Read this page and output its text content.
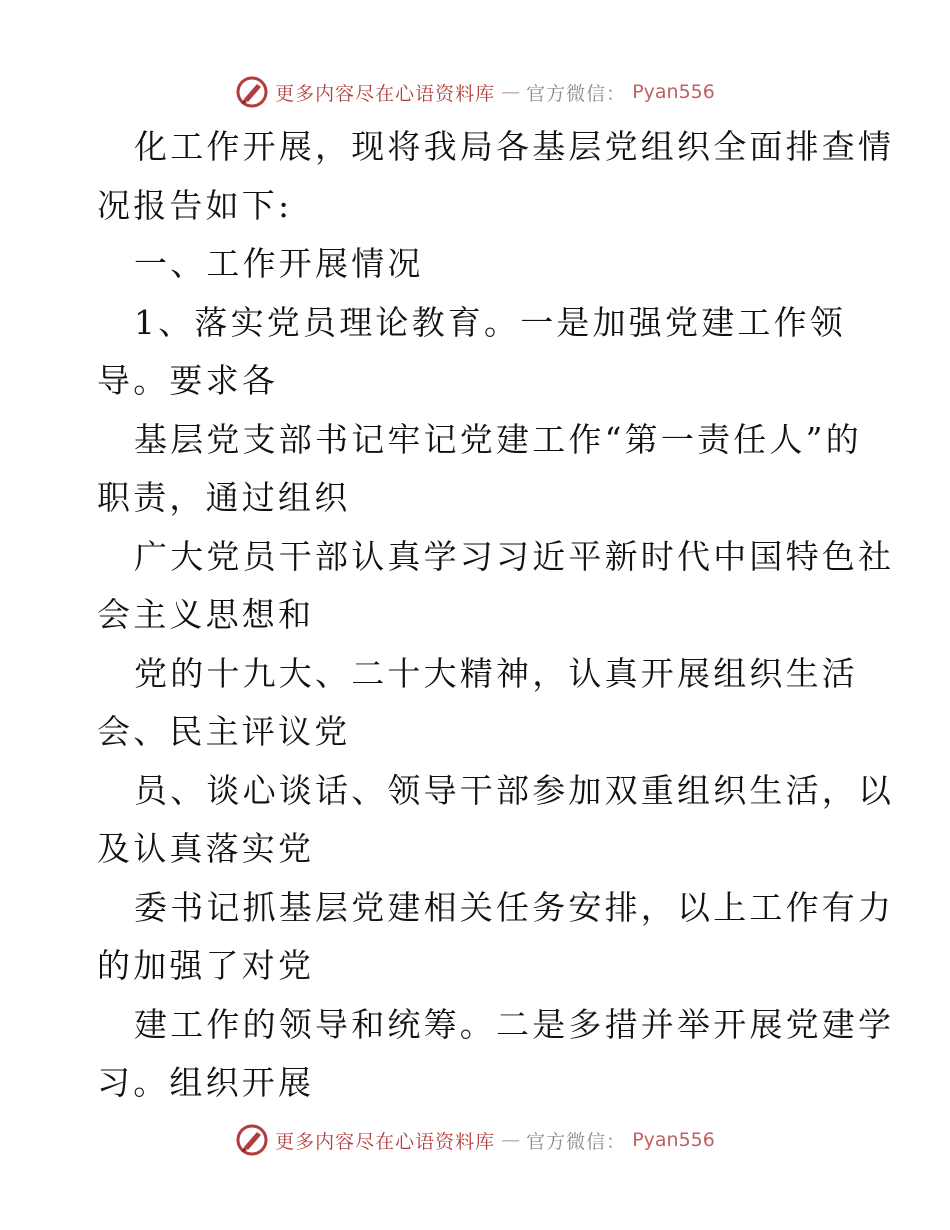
更多内容尽在心语资料库 — 官方微信： Pyan556
化工作开展，现将我局各基层党组织全面排查情
况报告如下:
一、工作开展情况
1、落实党员理论教育。一是加强党建工作领
导。要求各
基层党支部书记牢记党建工作“第一责任人”的
职责，通过组织
广大党员干部认真学习习近平新时代中国特色社
会主义思想和
党的十九大、二十大精神，认真开展组织生活
会、民主评议党
员、谈心谈话、领导干部参加双重组织生活，以
及认真落实党
委书记抓基层党建相关任务安排，以上工作有力
的加强了对党
建工作的领导和统筹。二是多措并举开展党建学
习。组织开展
更多内容尽在心语资料库 — 官方微信： Pyan556
